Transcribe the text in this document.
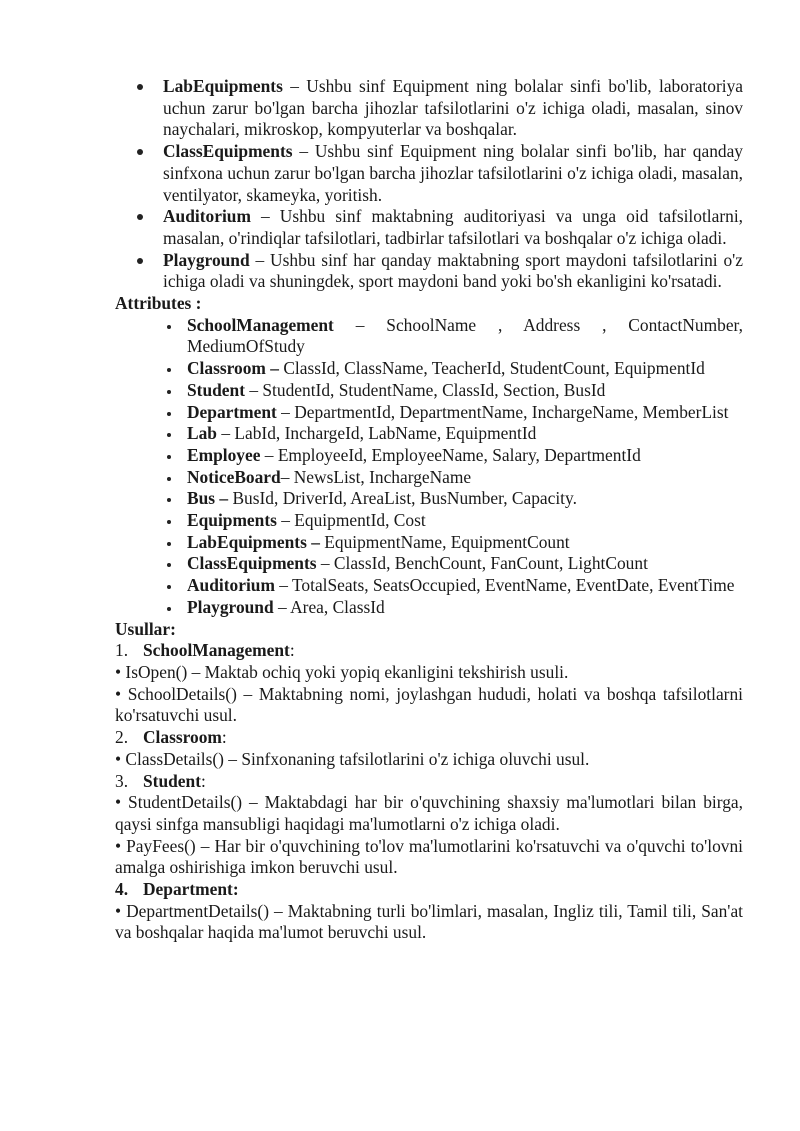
LabEquipments – Ushbu sinf Equipment ning bolalar sinfi bo'lib, laboratoriya uchun zarur bo'lgan barcha jihozlar tafsilotlarini o'z ichiga oladi, masalan, sinov naychalari, mikroskop, kompyuterlar va boshqalar.
ClassEquipments – Ushbu sinf Equipment ning bolalar sinfi bo'lib, har qanday sinfxona uchun zarur bo'lgan barcha jihozlar tafsilotlarini o'z ichiga oladi, masalan, ventilyator, skameyka, yoritish.
Auditorium – Ushbu sinf maktabning auditoriyasi va unga oid tafsilotlarni, masalan, o'rindiqlar tafsilotlari, tadbirlar tafsilotlari va boshqalar o'z ichiga oladi.
Playground – Ushbu sinf har qanday maktabning sport maydoni tafsilotlarini o'z ichiga oladi va shuningdek, sport maydoni band yoki bo'sh ekanligini ko'rsatadi.

Attributes :

SchoolManagement – SchoolName , Address , ContactNumber, MediumOfStudy
Classroom – ClassId, ClassName, TeacherId, StudentCount, EquipmentId
Student – StudentId, StudentName, ClassId, Section, BusId
Department – DepartmentId, DepartmentName, InchargeName, MemberList
Lab – LabId, InchargeId, LabName, EquipmentId
Employee – EmployeeId, EmployeeName, Salary, DepartmentId
NoticeBoard– NewsList, InchargeName
Bus – BusId, DriverId, AreaList, BusNumber, Capacity.
Equipments – EquipmentId, Cost
LabEquipments – EquipmentName, EquipmentCount
ClassEquipments – ClassId, BenchCount, FanCount, LightCount
Auditorium – TotalSeats, SeatsOccupied, EventName, EventDate, EventTime
Playground – Area, ClassId

Usullar:

1. SchoolManagement:

• IsOpen() – Maktab ochiq yoki yopiq ekanligini tekshirish usuli.

• SchoolDetails() – Maktabning nomi, joylashgan hududi, holati va boshqa tafsilotlarni ko'rsatuvchi usul.

2. Classroom:

• ClassDetails() – Sinfxonaning tafsilotlarini o'z ichiga oluvchi usul.

3. Student:

• StudentDetails() – Maktabdagi har bir o'quvchining shaxsiy ma'lumotlari bilan birga, qaysi sinfga mansubligi haqidagi ma'lumotlarni o'z ichiga oladi.

• PayFees() – Har bir o'quvchining to'lov ma'lumotlarini ko'rsatuvchi va o'quvchi to'lovni amalga oshirishiga imkon beruvchi usul.

4. Department:

• DepartmentDetails() – Maktabning turli bo'limlari, masalan, Ingliz tili, Tamil tili, San'at va boshqalar haqida ma'lumot beruvchi usul.
